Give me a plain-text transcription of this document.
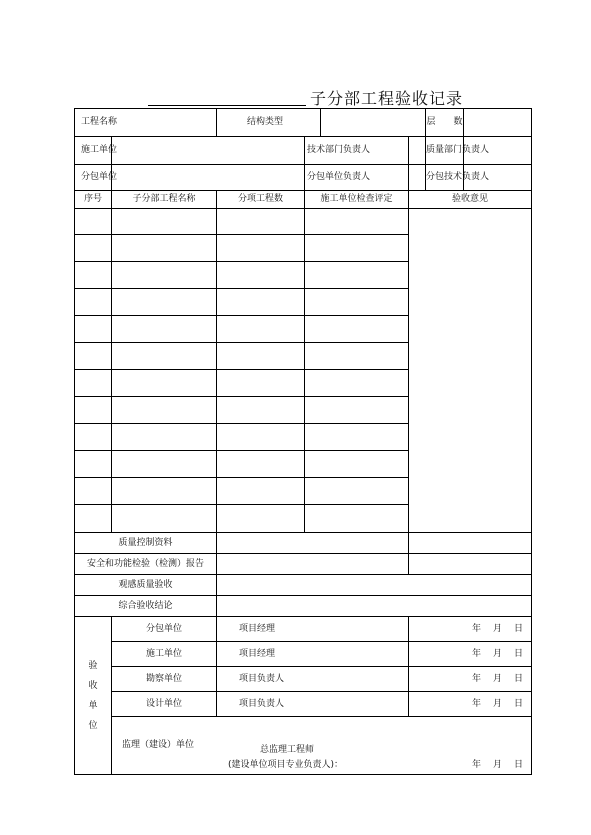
子分部工程验收记录
工程名称		结构类型				层　　数	
施工单位			技术部门负责人			质量部门负责人	
分包单位			分包单位负责人			分包技术负责人	
序号	子分部工程名称	分项工程数	施工单位检查评定		验收意见		

质量控制资料							
安全和功能检验（检测）报告							
观感质量验收							
综合验收结论							

验
收
单
位	分包单位	项目经理			年 月 日		
	施工单位	项目经理			年 月 日		
	勘察单位	项目负责人			年 月 日		
	设计单位	项目负责人			年 月 日		

	监理（建设）单位 总监理工程师
(建设单位项目专业负责人)： 年 月 日						
